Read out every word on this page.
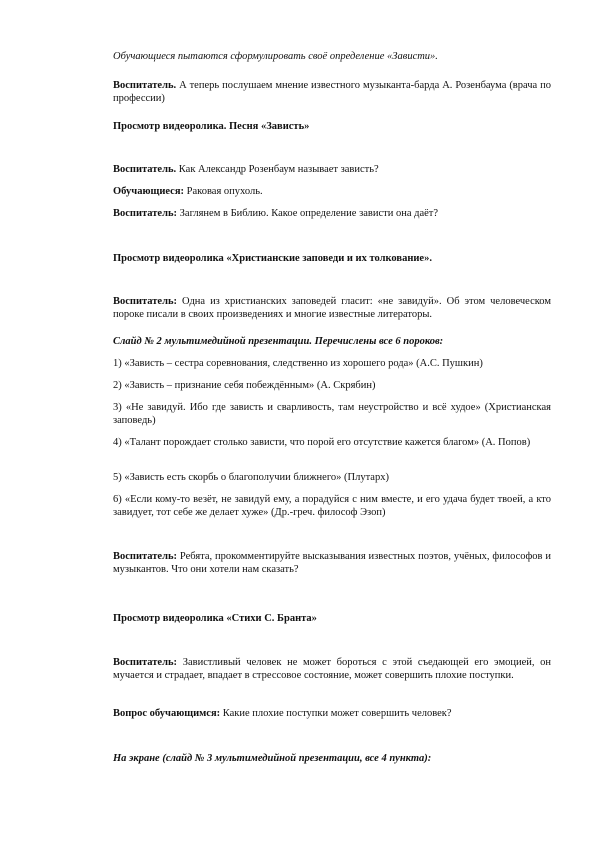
Обучающиеся пытаются сформулировать своё определение «Зависти».

Воспитатель. А теперь послушаем мнение известного музыканта-барда А. Розенбаума (врача по профессии)

Просмотр видеоролика. Песня «Зависть»

Воспитатель. Как Александр Розенбаум называет зависть?

Обучающиеся: Раковая опухоль.

Воспитатель: Заглянем в Библию. Какое определение зависти она даёт?

Просмотр видеоролика «Христианские заповеди и их толкование».

Воспитатель: Одна из христианских заповедей гласит: «не завидуй». Об этом человеческом пороке писали в своих произведениях и многие известные литераторы.

Слайд № 2 мультимедийной презентации. Перечислены все 6 пороков:

1) «Зависть – сестра соревнования, следственно из хорошего рода» (А.С. Пушкин)

2) «Зависть – признание себя побеждённым» (А. Скрябин)

3) «Не завидуй. Ибо где зависть и сварливость, там неустройство и всё худое» (Христианская заповедь)

4) «Талант порождает столько зависти, что порой его отсутствие кажется благом» (А. Попов)

5) «Зависть есть скорбь о благополучии ближнего» (Плутарх)

6) «Если кому-то везёт, не завидуй ему, а порадуйся с ним вместе, и его удача будет твоей, а кто завидует, тот себе же делает хуже» (Др.-греч. философ Эзоп)

Воспитатель: Ребята, прокомментируйте высказывания известных поэтов, учёных, философов и музыкантов. Что они хотели нам сказать?

Просмотр видеоролика «Стихи С. Бранта»

Воспитатель: Завистливый человек не может бороться с этой съедающей его эмоцией, он мучается и страдает, впадает в стрессовое состояние, может совершить плохие поступки.

Вопрос обучающимся: Какие плохие поступки может совершить человек?

На экране (слайд № 3 мультимедийной презентации, все 4 пункта):
